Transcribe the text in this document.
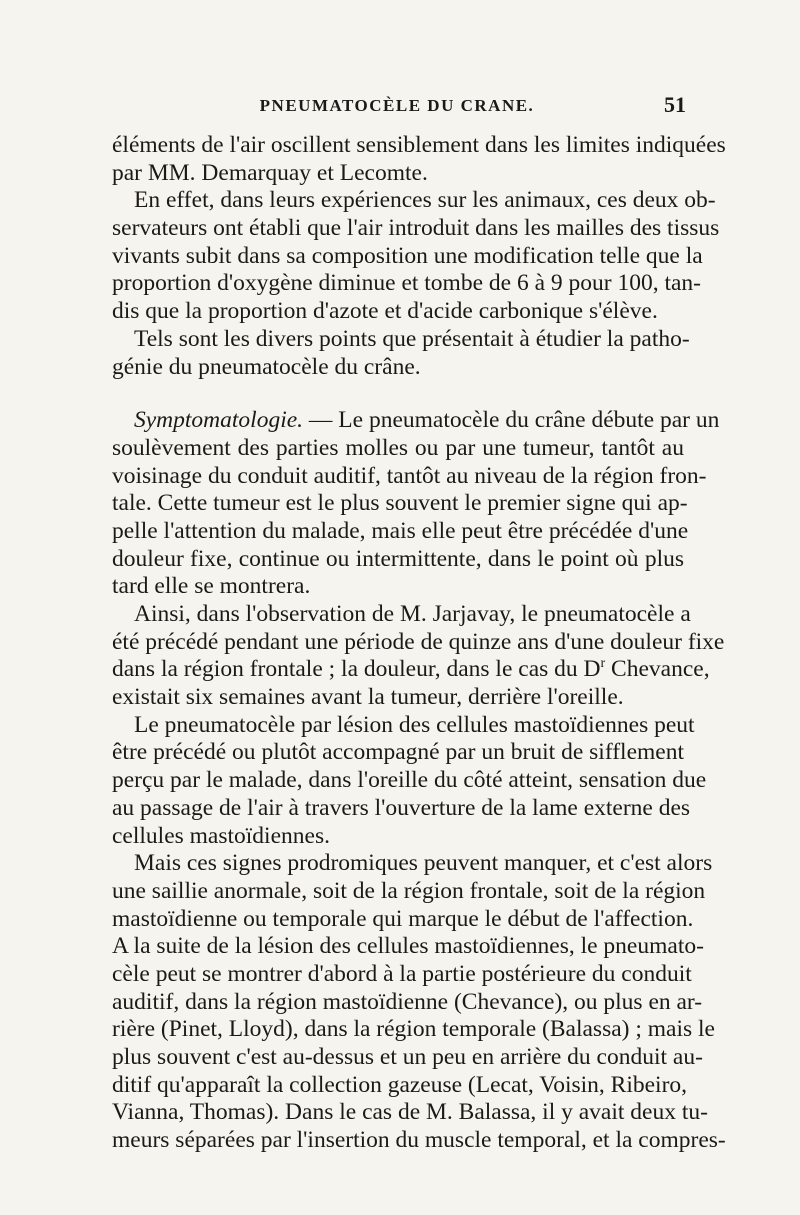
PNEUMATOCÈLE DU CRANE.	51
éléments de l'air oscillent sensiblement dans les limites indiquées
par MM. Demarquay et Lecomte.
En effet, dans leurs expériences sur les animaux, ces deux ob-
servateurs ont établi que l'air introduit dans les mailles des tissus
vivants subit dans sa composition une modification telle que la
proportion d'oxygène diminue et tombe de 6 à 9 pour 100, tan-
dis que la proportion d'azote et d'acide carbonique s'élève.
Tels sont les divers points que présentait à étudier la patho-
génie du pneumatocèle du crâne.
Symptomatologie. — Le pneumatocèle du crâne débute par un
soulèvement des parties molles ou par une tumeur, tantôt au
voisinage du conduit auditif, tantôt au niveau de la région fron-
tale. Cette tumeur est le plus souvent le premier signe qui ap-
pelle l'attention du malade, mais elle peut être précédée d'une
douleur fixe, continue ou intermittente, dans le point où plus
tard elle se montrera.
Ainsi, dans l'observation de M. Jarjavay, le pneumatocèle a
été précédé pendant une période de quinze ans d'une douleur fixe
dans la région frontale ; la douleur, dans le cas du $D^r$ Chevance,
existait six semaines avant la tumeur, derrière l'oreille.
Le pneumatocèle par lésion des cellules mastoïdiennes peut
être précédé ou plutôt accompagné par un bruit de sifflement
perçu par le malade, dans l'oreille du côté atteint, sensation due
au passage de l'air à travers l'ouverture de la lame externe des
cellules mastoïdiennes.
Mais ces signes prodromiques peuvent manquer, et c'est alors
une saillie anormale, soit de la région frontale, soit de la région
mastoïdienne ou temporale qui marque le début de l'affection.
A la suite de la lésion des cellules mastoïdiennes, le pneumato-
cèle peut se montrer d'abord à la partie postérieure du conduit
auditif, dans la région mastoïdienne (Chevance), ou plus en ar-
rière (Pinet, Lloyd), dans la région temporale (Balassa) ; mais le
plus souvent c'est au-dessus et un peu en arrière du conduit au-
ditif qu'apparaît la collection gazeuse (Lecat, Voisin, Ribeiro,
Vianna, Thomas). Dans le cas de M. Balassa, il y avait deux tu-
meurs séparées par l'insertion du muscle temporal, et la compres-
